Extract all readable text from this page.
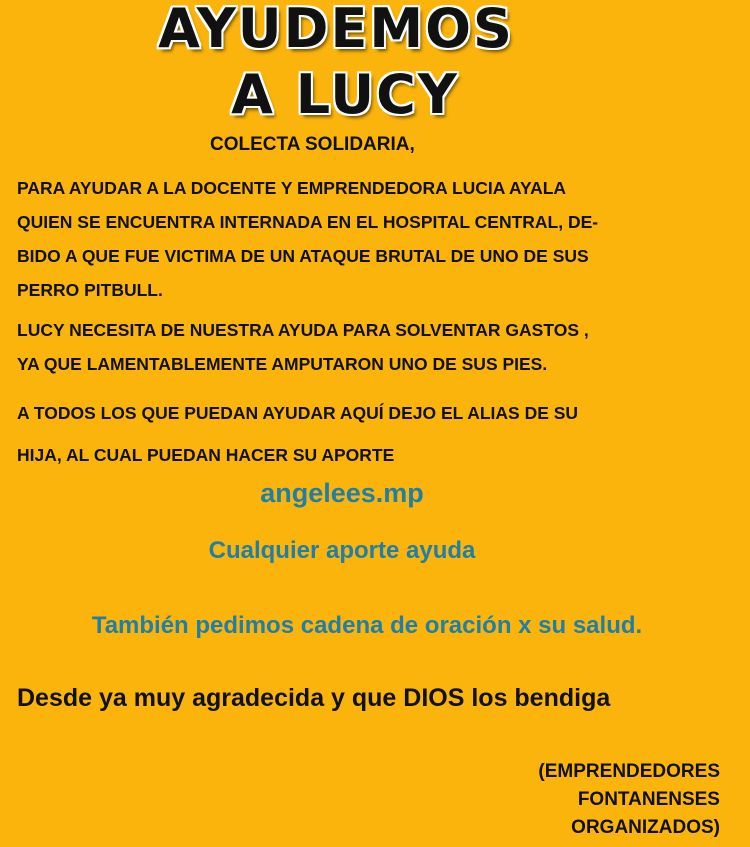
AYUDEMOS
A LUCY
COLECTA SOLIDARIA,
PARA AYUDAR A LA DOCENTE Y EMPRENDEDORA LUCIA AYALA
QUIEN SE ENCUENTRA INTERNADA EN EL HOSPITAL CENTRAL, DE-
BIDO A QUE FUE VICTIMA DE UN ATAQUE BRUTAL DE UNO DE SUS
PERRO PITBULL.
LUCY NECESITA DE NUESTRA AYUDA PARA SOLVENTAR GASTOS ,
YA QUE LAMENTABLEMENTE AMPUTARON UNO DE SUS PIES.
A TODOS LOS QUE PUEDAN AYUDAR AQUÍ DEJO EL ALIAS DE SU
HIJA, AL CUAL PUEDAN HACER SU APORTE
angelees.mp
Cualquier aporte ayuda
También pedimos cadena de oración x su salud.
Desde ya muy agradecida y que DIOS los bendiga
(EMPRENDEDORES
FONTANENSES
ORGANIZADOS)
